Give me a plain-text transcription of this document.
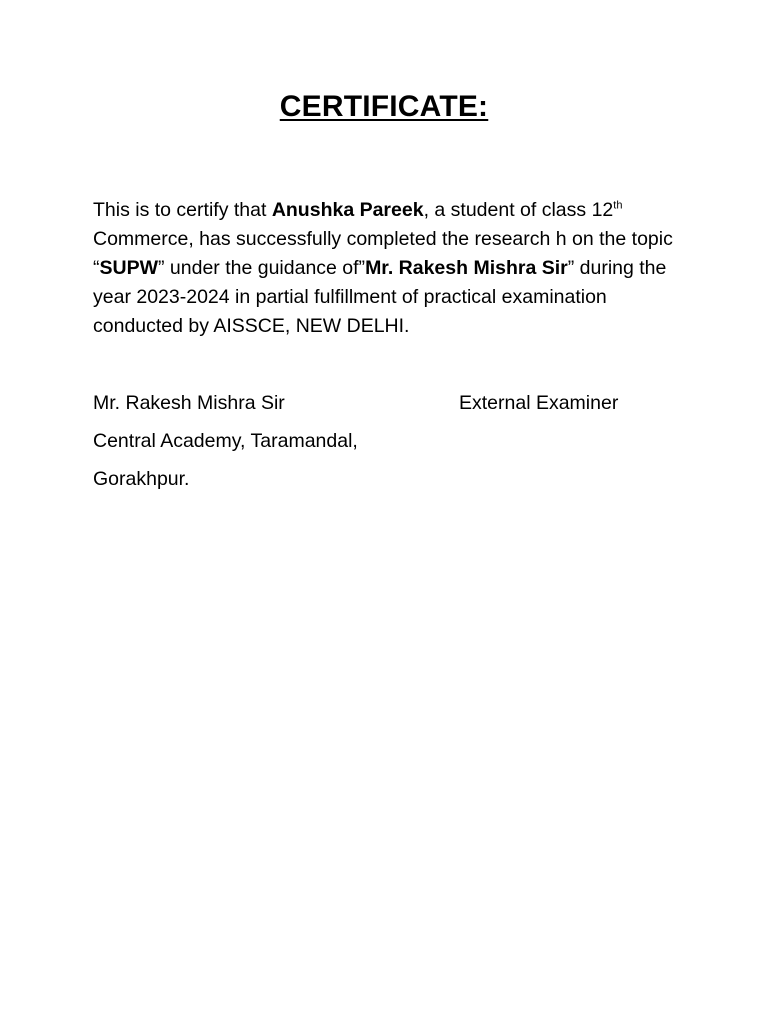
CERTIFICATE:
This is to certify that Anushka Pareek, a student of class 12th Commerce, has successfully completed the research h on the topic “SUPW” under the guidance of”Mr. Rakesh Mishra Sir” during the year 2023-2024 in partial fulfillment of practical examination conducted by AISSCE, NEW DELHI.
Mr. Rakesh Mishra Sir
Central Academy, Taramandal,
Gorakhpur.
External Examiner
